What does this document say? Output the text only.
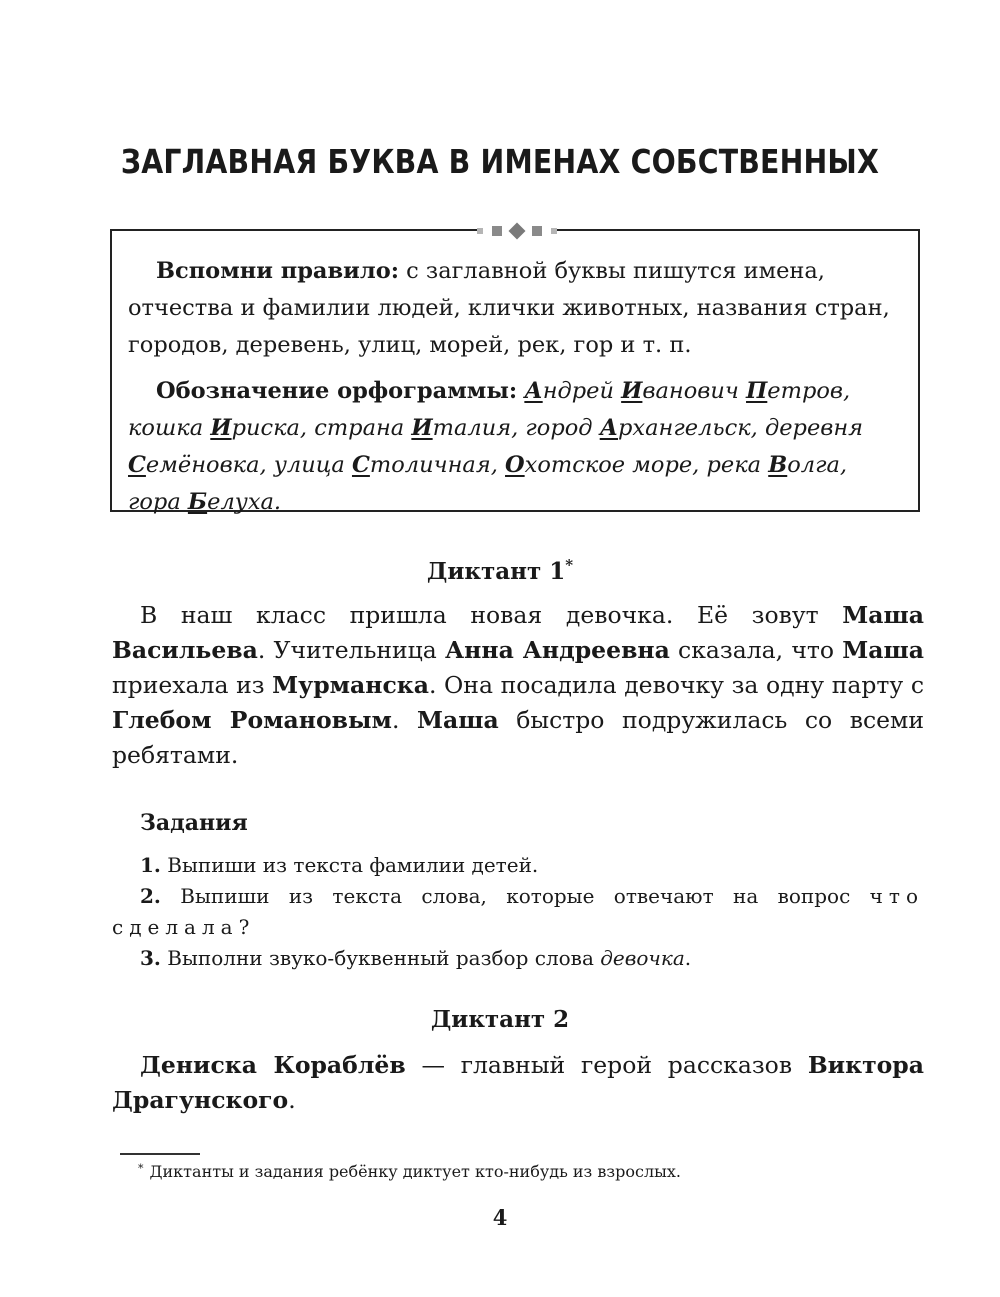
ЗАГЛАВНАЯ БУКВА В ИМЕНАХ СОБСТВЕННЫХ

Вспомни правило: с заглавной буквы пишутся имена, отчества и фамилии людей, клички животных, названия стран, городов, деревень, улиц, морей, рек, гор и т. п.

Обозначение орфограммы: Андрей Иванович Петров, кошка Ириска, страна Италия, город Архангельск, деревня Семёновка, улица Столичная, Охотское море, река Волга, гора Белуха.

Диктант 1*

В наш класс пришла новая девочка. Её зовут Маша Васильева. Учительница Анна Андреевна сказала, что Маша приехала из Мурманска. Она посадила девочку за одну парту с Глебом Романовым. Маша быстро подружилась со всеми ребятами.

Задания

1. Выпиши из текста фамилии детей.

2. Выпиши из текста слова, которые отвечают на вопрос что сделала?

3. Выполни звуко-буквенный разбор слова девочка.

Диктант 2

Дениска Кораблёв — главный герой рассказов Виктора Драгунского.

* Диктанты и задания ребёнку диктует кто-нибудь из взрослых.
4
